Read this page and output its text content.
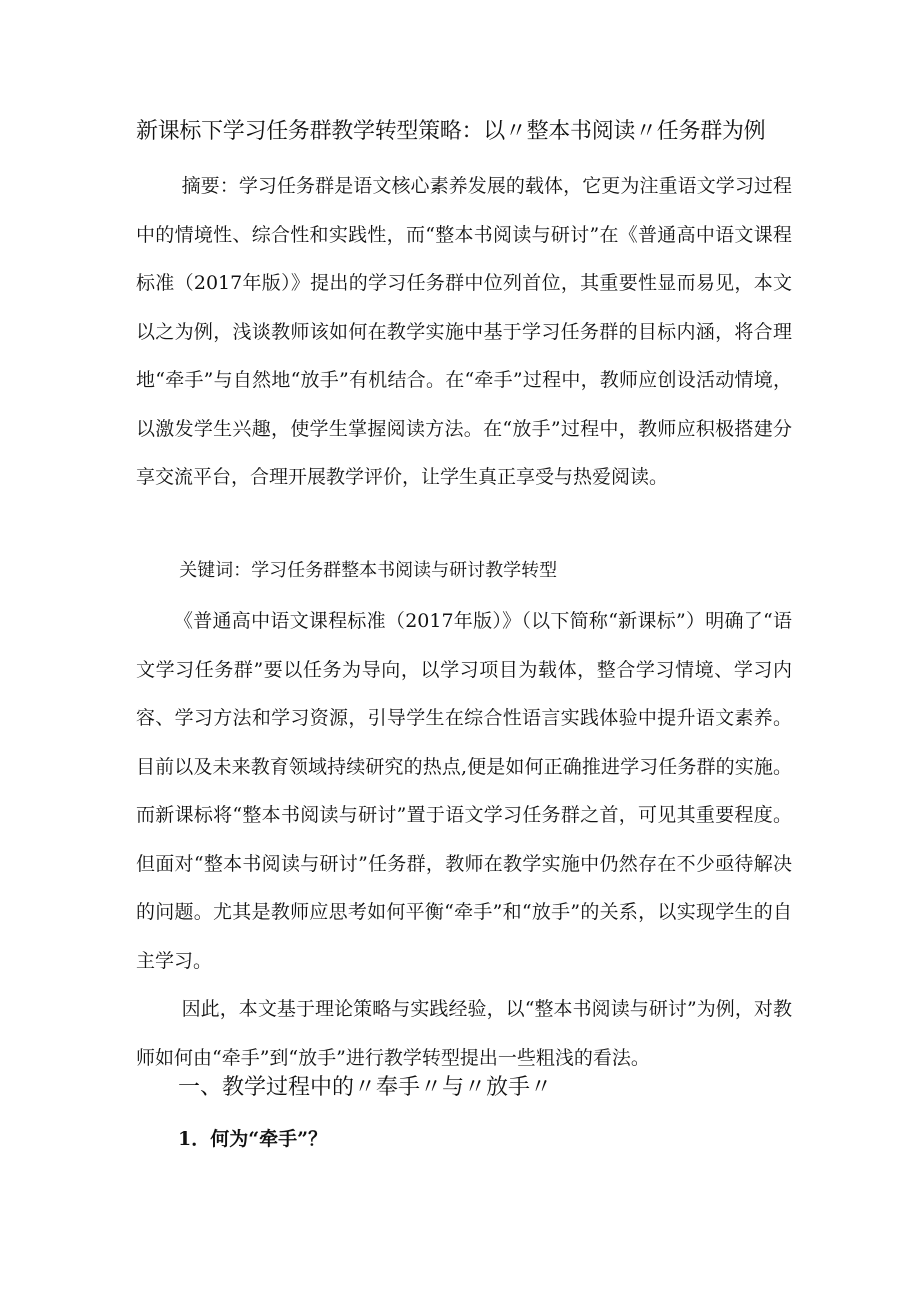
新课标下学习任务群教学转型策略：以〃整本书阅读〃任务群为例

摘要：学习任务群是语文核心素养发展的载体，它更为注重语文学习过程中的情境性、综合性和实践性，而“整本书阅读与研讨”在《普通高中语文课程标准（2017年版）》提出的学习任务群中位列首位，其重要性显而易见，本文以之为例，浅谈教师该如何在教学实施中基于学习任务群的目标内涵，将合理地“牵手”与自然地“放手”有机结合。在“牵手”过程中，教师应创设活动情境，以激发学生兴趣，使学生掌握阅读方法。在“放手”过程中，教师应积极搭建分享交流平台，合理开展教学评价，让学生真正享受与热爱阅读。

关键词：学习任务群整本书阅读与研讨教学转型

《普通高中语文课程标准（2017年版）》（以下简称“新课标”）明确了“语文学习任务群”要以任务为导向，以学习项目为载体，整合学习情境、学习内容、学习方法和学习资源，引导学生在综合性语言实践体验中提升语文素养。目前以及未来教育领域持续研究的热点,便是如何正确推进学习任务群的实施。而新课标将“整本书阅读与研讨”置于语文学习任务群之首，可见其重要程度。但面对“整本书阅读与研讨”任务群，教师在教学实施中仍然存在不少亟待解决的问题。尤其是教师应思考如何平衡“牵手”和“放手”的关系，以实现学生的自主学习。

因此，本文基于理论策略与实践经验，以“整本书阅读与研讨”为例，对教师如何由“牵手”到“放手”进行教学转型提出一些粗浅的看法。

一、教学过程中的〃奉手〃与〃放手〃
1．何为“牵手”？
